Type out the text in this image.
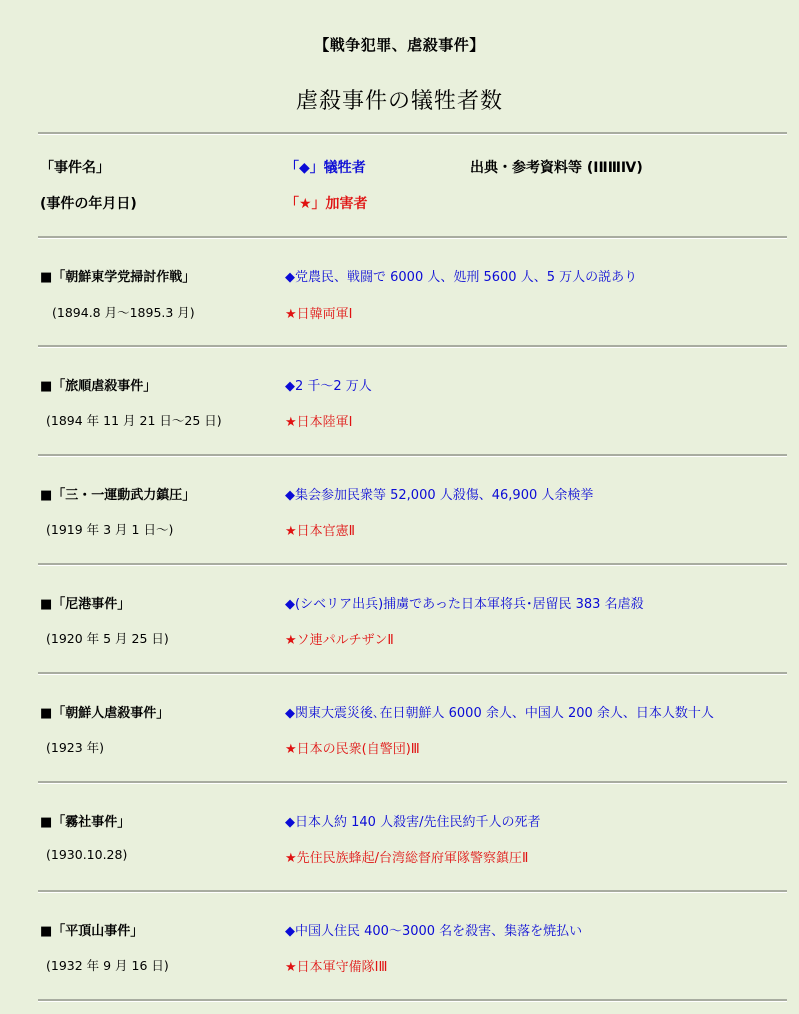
【戦争犯罪、虐殺事件】
虐殺事件の犠牲者数
「事件名」
(事件の年月日)
「◆」犠牲者
「★」加害者
出典・参考資料等 (ⅠⅡⅢⅣ)
■「朝鮮東学党掃討作戦」
(1894.8 月～1895.3 月)
◆党農民、戦闘で 6000 人、処刑 5600 人、5 万人の説あり
★日韓両軍Ⅰ
■「旅順虐殺事件」
(1894 年 11 月 21 日～25 日)
◆2 千～2 万人
★日本陸軍Ⅰ
■「三・一運動武力鎮圧」
(1919 年 3 月 1 日～)
◆集会参加民衆等 52,000 人殺傷、46,900 人余検挙
★日本官憲Ⅱ
■「尼港事件」
(1920 年 5 月 25 日)
◆(シベリア出兵)捕虜であった日本軍将兵･居留民 383 名虐殺
★ソ連パルチザンⅡ
■「朝鮮人虐殺事件」
(1923 年)
◆関東大震災後､在日朝鮮人 6000 余人、中国人 200 余人、日本人数十人
★日本の民衆(自警団)Ⅲ
■「霧社事件」
(1930.10.28)
◆日本人約 140 人殺害/先住民約千人の死者
★先住民族蜂起/台湾総督府軍隊警察鎮圧Ⅱ
■「平頂山事件」
(1932 年 9 月 16 日)
◆中国人住民 400～3000 名を殺害、集落を焼払い
★日本軍守備隊ⅠⅢ
